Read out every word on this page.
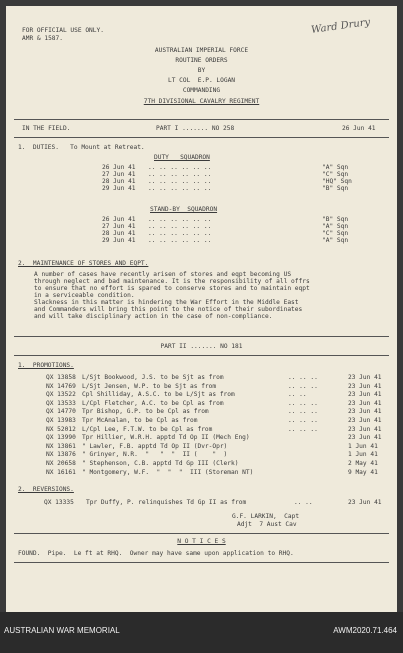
FOR OFFICIAL USE ONLY.
AMR & 1587.
Ward Drury
AUSTRALIAN IMPERIAL FORCE
ROUTINE ORDERS
BY
LT COL  E.P. LOGAN
COMMANDING
7TH DIVISIONAL CAVALRY REGIMENT
IN THE FIELD.	PART I ....... NO 258	26 Jun 41
1.  DUTIES.   To Mount at Retreat.
DUTY   SQUADRON
26 Jun 41 .. .. .. .. .. ..	"A" Sqn
27 Jun 41 .. .. .. .. .. ..	"C" Sqn
28 Jun 41 .. .. .. .. .. ..	"HQ" Sqn
29 Jun 41 .. .. .. .. .. ..	"B" Sqn
STAND-BY  SQUADRON
26 Jun 41 .. .. .. .. .. ..	"B" Sqn
27 Jun 41 .. .. .. .. .. ..	"A" Sqn
28 Jun 41 .. .. .. .. .. ..	"C" Sqn
29 Jun 41 .. .. .. .. .. ..	"A" Sqn
2.  MAINTENANCE OF STORES AND EQPT.
A number of cases have recently arisen of stores and eqpt becoming US
through neglect and bad maintenance. It is the responsibility of all offrs
to ensure that no effort is spared to conserve stores and to maintain eqpt
in a serviceable condition.
Slackness in this matter is hindering the War Effort in the Middle East
and Commanders will bring this point to the notice of their subordinates
and will take disciplinary action in the case of non-compliance.
PART II ....... NO 181
1.  PROMOTIONS.
QX 13858 L/Sjt Bookwood, J.S. to be Sjt as from	.. .. ..	23 Jun 41
NX 14769 L/Sjt Jensen, W.P. to be Sjt as from	.. .. ..	23 Jun 41
QX 13522 Cpl Shilliday, A.S.C. to be L/Sjt as from	.. ..	23 Jun 41
QX 13533 L/Cpl Fletcher, A.C. to be Cpl as from	.. .. ..	23 Jun 41
QX 14770 Tpr Bishop, G.P. to be Cpl as from	.. .. ..	23 Jun 41
QX 13983 Tpr McAnalan, to be Cpl as from	.. .. ..	23 Jun 41
NX 52012 L/Cpl Lee, F.T.W. to be Cpl as from	.. .. ..	23 Jun 41
QX 13990 Tpr Hillier, W.R.H. apptd Td Op II (Mech Eng)	23 Jun 41
NX 13861 " Lawler, F.B. apptd Td Op II (Dvr-Opr)	1 Jun 41
NX 13876 " Grinyer, N.R.  "   "  "  II (    "  )	1 Jun 41
NX 20658 " Stephenson, C.B. apptd Td Gp III (Clerk)	2 May 41
NX 16161 " Montgomery, W.F.  "  "  "  III (Storeman NT)	9 May 41
2.  REVERSIONS.
QX 13335 Tpr Duffy, P. relinquishes Td Gp II as from	.. ..	23 Jun 41
G.F. LARKIN,  Capt
Adjt  7 Aust Cav
N O T I C E S
FOUND.  Pipe.  Le ft at RHQ.  Owner may have same upon application to RHQ.
AUSTRALIAN WAR MEMORIAL	AWM2020.71.464
